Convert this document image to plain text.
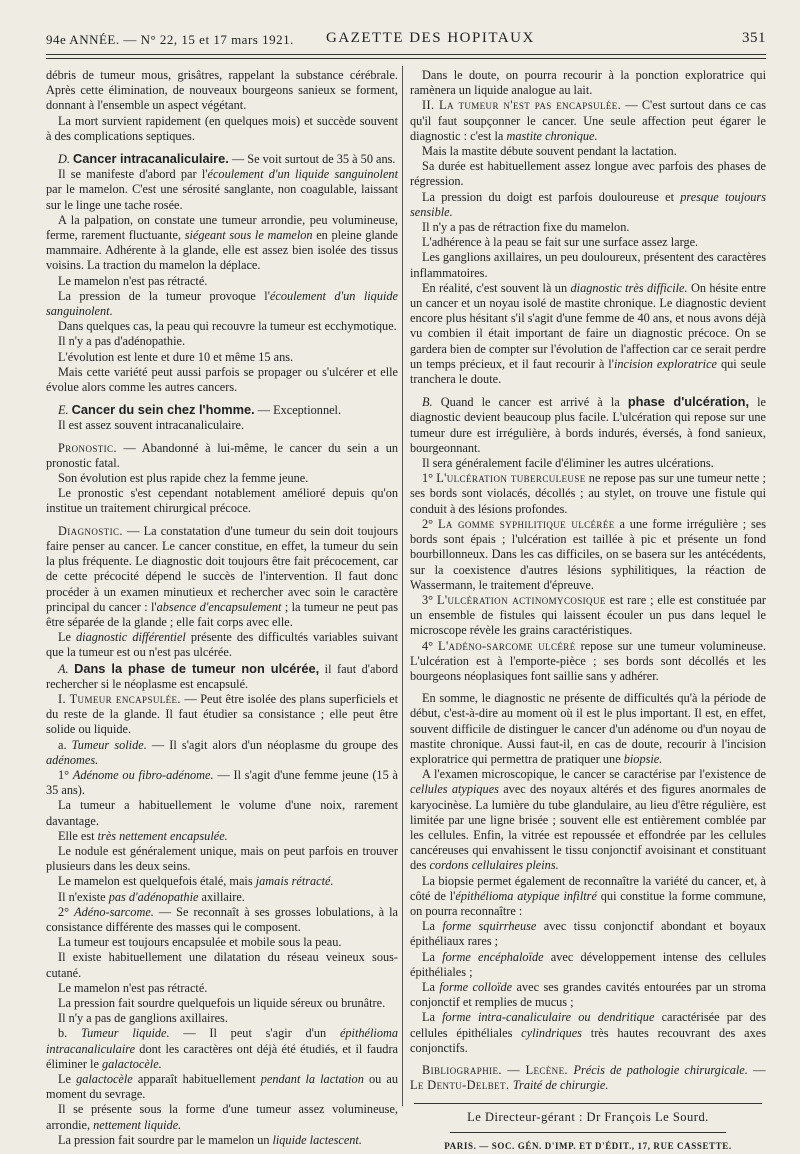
94e ANNÉE. — N° 22, 15 et 17 mars 1921. GAZETTE DES HOPITAUX	351

débris de tumeur mous, grisâtres, rappelant la substance cérébrale. Après cette élimination, de nouveaux bourgeons sanieux se forment, donnant à l'ensemble un aspect végétant.

La mort survient rapidement (en quelques mois) et succède souvent à des complications septiques.

D. Cancer intracanaliculaire. — Se voit surtout de 35 à 50 ans.

Il se manifeste d'abord par l'écoulement d'un liquide sanguinolent par le mamelon. C'est une sérosité sanglante, non coagulable, laissant sur le linge une tache rosée.

A la palpation, on constate une tumeur arrondie, peu volumineuse, ferme, rarement fluctuante, siégeant sous le mamelon en pleine glande mammaire. Adhérente à la glande, elle est assez bien isolée des tissus voisins. La traction du mamelon la déplace.

Le mamelon n'est pas rétracté.

La pression de la tumeur provoque l'écoulement d'un liquide sanguinolent.

Dans quelques cas, la peau qui recouvre la tumeur est ecchymotique.

Il n'y a pas d'adénopathie.

L'évolution est lente et dure 10 et même 15 ans.

Mais cette variété peut aussi parfois se propager ou s'ulcérer et elle évolue alors comme les autres cancers.

E. Cancer du sein chez l'homme. — Exceptionnel.

Il est assez souvent intracanaliculaire.

Pronostic. — Abandonné à lui-même, le cancer du sein a un pronostic fatal.

Son évolution est plus rapide chez la femme jeune.

Le pronostic s'est cependant notablement amélioré depuis qu'on institue un traitement chirurgical précoce.

Diagnostic. — La constatation d'une tumeur du sein doit toujours faire penser au cancer. Le cancer constitue, en effet, la tumeur du sein la plus fréquente. Le diagnostic doit toujours être fait précocement, car de cette précocité dépend le succès de l'intervention. Il faut donc procéder à un examen minutieux et rechercher avec soin le caractère principal du cancer : l'absence d'encapsulement ; la tumeur ne peut pas être séparée de la glande ; elle fait corps avec elle.

Le diagnostic différentiel présente des difficultés variables suivant que la tumeur est ou n'est pas ulcérée.

A. Dans la phase de tumeur non ulcérée, il faut d'abord rechercher si le néoplasme est encapsulé.

I. Tumeur encapsulée. — Peut être isolée des plans superficiels et du reste de la glande. Il faut étudier sa consistance ; elle peut être solide ou liquide.

a. Tumeur solide. — Il s'agit alors d'un néoplasme du groupe des adénomes.

1° Adénome ou fibro-adénome. — Il s'agit d'une femme jeune (15 à 35 ans).

La tumeur a habituellement le volume d'une noix, rarement davantage.

Elle est très nettement encapsulée.

Le nodule est généralement unique, mais on peut parfois en trouver plusieurs dans les deux seins.

Le mamelon est quelquefois étalé, mais jamais rétracté.

Il n'existe pas d'adénopathie axillaire.

2° Adéno-sarcome. — Se reconnaît à ses grosses lobulations, à la consistance différente des masses qui le composent.

La tumeur est toujours encapsulée et mobile sous la peau.

Il existe habituellement une dilatation du réseau veineux sous-cutané.

Le mamelon n'est pas rétracté.

La pression fait sourdre quelquefois un liquide séreux ou brunâtre.

Il n'y a pas de ganglions axillaires.

b. Tumeur liquide. — Il peut s'agir d'un épithélioma intracanaliculaire dont les caractères ont déjà été étudiés, et il faudra éliminer le galactocèle.

Le galactocèle apparaît habituellement pendant la lactation ou au moment du sevrage.

Il se présente sous la forme d'une tumeur assez volumineuse, arrondie, nettement liquide.

La pression fait sourdre par le mamelon un liquide lactescent.

Dans le doute, on pourra recourir à la ponction exploratrice qui ramènera un liquide analogue au lait.

II. La tumeur n'est pas encapsulée. — C'est surtout dans ce cas qu'il faut soupçonner le cancer. Une seule affection peut égarer le diagnostic : c'est la mastite chronique.

Mais la mastite débute souvent pendant la lactation.

Sa durée est habituellement assez longue avec parfois des phases de régression.

La pression du doigt est parfois douloureuse et presque toujours sensible.

Il n'y a pas de rétraction fixe du mamelon.

L'adhérence à la peau se fait sur une surface assez large.

Les ganglions axillaires, un peu douloureux, présentent des caractères inflammatoires.

En réalité, c'est souvent là un diagnostic très difficile. On hésite entre un cancer et un noyau isolé de mastite chronique. Le diagnostic devient encore plus hésitant s'il s'agit d'une femme de 40 ans, et nous avons déjà vu combien il était important de faire un diagnostic précoce. On se gardera bien de compter sur l'évolution de l'affection car ce serait perdre un temps précieux, et il faut recourir à l'incision exploratrice qui seule tranchera le doute.

B. Quand le cancer est arrivé à la phase d'ulcération, le diagnostic devient beaucoup plus facile. L'ulcération qui repose sur une tumeur dure est irrégulière, à bords indurés, éversés, à fond sanieux, bourgeonnant.

Il sera généralement facile d'éliminer les autres ulcérations.

1° L'ulcération tuberculeuse ne repose pas sur une tumeur nette ; ses bords sont violacés, décollés ; au stylet, on trouve une fistule qui conduit à des lésions profondes.

2° La gomme syphilitique ulcérée a une forme irrégulière ; ses bords sont épais ; l'ulcération est taillée à pic et présente un fond bourbillonneux. Dans les cas difficiles, on se basera sur les antécédents, sur la coexistence d'autres lésions syphilitiques, la réaction de Wassermann, le traitement d'épreuve.

3° L'ulcération actinomycosique est rare ; elle est constituée par un ensemble de fistules qui laissent écouler un pus dans lequel le microscope révèle les grains caractéristiques.

4° L'adéno-sarcome ulcéré repose sur une tumeur volumineuse. L'ulcération est à l'emporte-pièce ; ses bords sont décollés et les bourgeons néoplasiques font saillie sans y adhérer.

En somme, le diagnostic ne présente de difficultés qu'à la période de début, c'est-à-dire au moment où il est le plus important. Il est, en effet, souvent difficile de distinguer le cancer d'un adénome ou d'un noyau de mastite chronique. Aussi faut-il, en cas de doute, recourir à l'incision exploratrice qui permettra de pratiquer une biopsie.

A l'examen microscopique, le cancer se caractérise par l'existence de cellules atypiques avec des noyaux altérés et des figures anormales de karyocinèse. La lumière du tube glandulaire, au lieu d'être régulière, est limitée par une ligne brisée ; souvent elle est entièrement comblée par les cellules. Enfin, la vitrée est repoussée et effondrée par les cellules cancéreuses qui envahissent le tissu conjonctif avoisinant et constituant des cordons cellulaires pleins.

La biopsie permet également de reconnaître la variété du cancer, et, à côté de l'épithélioma atypique infiltré qui constitue la forme commune, on pourra reconnaître :

La forme squirrheuse avec tissu conjonctif abondant et boyaux épithéliaux rares ;

La forme encéphaloïde avec développement intense des cellules épithéliales ;

La forme colloïde avec ses grandes cavités entourées par un stroma conjonctif et remplies de mucus ;

La forme intra-canaliculaire ou dendritique caractérisée par des cellules épithéliales cylindriques très hautes recouvrant des axes conjonctifs.

Bibliographie. — Lecène. Précis de pathologie chirurgicale. — Le Dentu-Delbet. Traité de chirurgie.

Le Directeur-gérant : Dr François Le Sourd.
PARIS. — SOC. GÉN. D'IMP. ET D'ÉDIT., 17, RUE CASSETTE.
